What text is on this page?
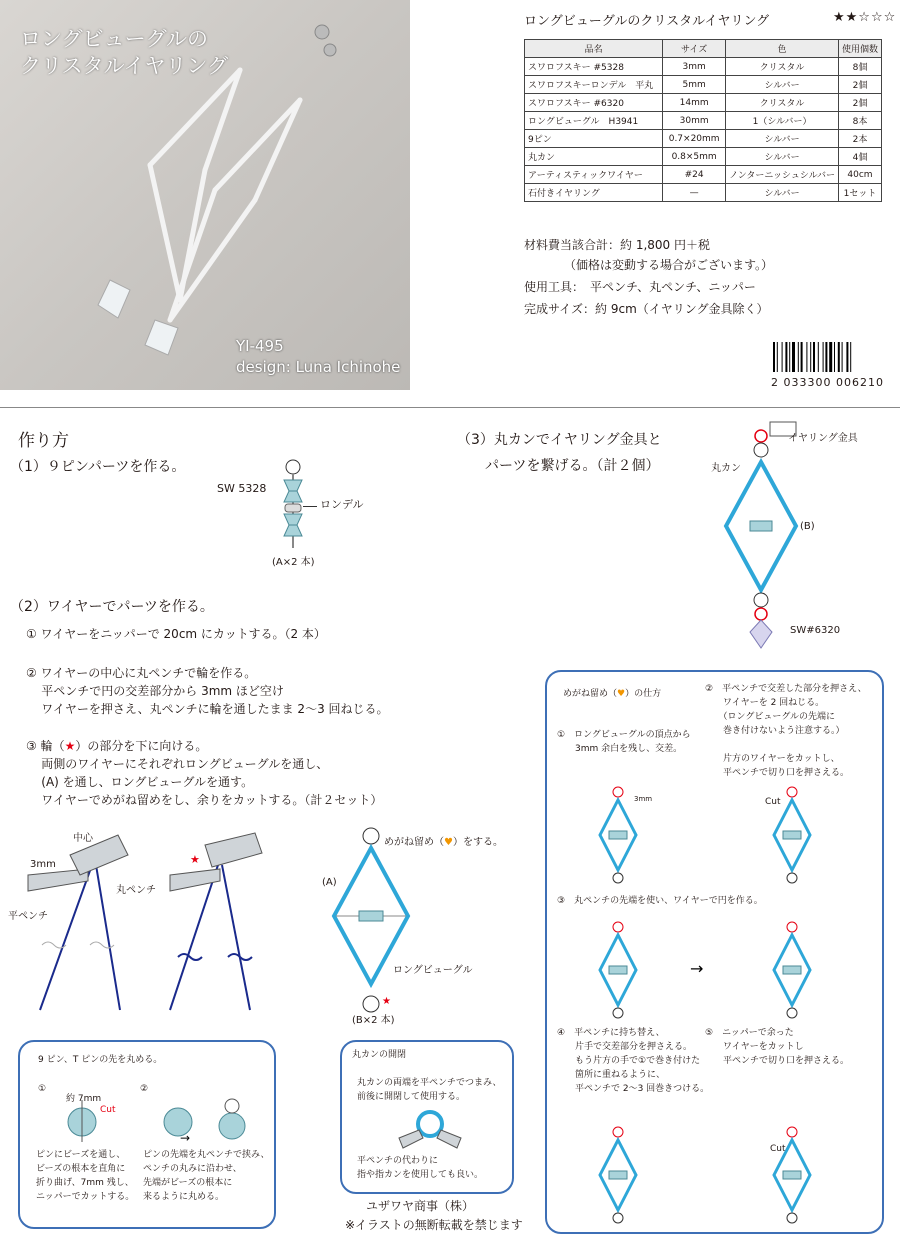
ロングビューグルの
クリスタルイヤリング
YI-495
design: Luna Ichinohe
ロングビューグルのクリスタルイヤリング	★★☆☆☆
品名	サイズ	色	使用個数
スワロフスキー #5328	3mm	クリスタル	8個
スワロフスキーロンデル　平丸	5mm	シルバー	2個
スワロフスキー #6320	14mm	クリスタル	2個
ロングビューグル　H3941	30mm	1（シルバー）	8本
9ピン	0.7×20mm	シルバー	2本
丸カン	0.8×5mm	シルバー	4個
アーティスティックワイヤー	#24	ノンターニッシュシルバー	40cm
石付きイヤリング	—	シルバー	1セット
材料費当該合計：約 1,800 円＋税
（価格は変動する場合がございます。）
使用工具：　平ペンチ、丸ペンチ、ニッパー
完成サイズ：約 9cm（イヤリング金具除く）
2 033300 006210
作り方
（1）９ピンパーツを作る。
SW 5328
ロンデル
(A×2 本)
（2）ワイヤーでパーツを作る。
① ワイヤーをニッパーで 20cm にカットする。（2 本）
② ワイヤーの中心に丸ペンチで輪を作る。
平ペンチで円の交差部分から 3mm ほど空け
ワイヤーを押さえ、丸ペンチに輪を通したまま 2〜3 回ねじる。
③ 輪（★）の部分を下に向ける。
両側のワイヤーにそれぞれロングビューグルを通し、
(A) を通し、ロングビューグルを通す。
ワイヤーでめがね留めをし、余りをカットする。（計２セット）
★
中心
3mm
丸ペンチ
平ペンチ
★
めがね留め（♥）をする。
(A)
ロングビューグル
(B×2 本)
（3）丸カンでイヤリング金具と
　　パーツを繋げる。（計２個）
イヤリング金具
丸カン
(B)
SW#6320
9 ピン、T ピンの先を丸める。
①	②
約 7mm
Cut
→
ピンにビーズを通し、
ビーズの根本を直角に
折り曲げ、7mm 残し、
ニッパーでカットする。
ピンの先端を丸ペンチで挟み、
ペンチの丸みに沿わせ、
先端がビーズの根本に
来るように丸める。
丸カンの開閉
丸カンの両端を平ペンチでつまみ、
前後に開閉して使用する。
平ペンチの代わりに
指や指カンを使用しても良い。
ユザワヤ商事（株）
※イラストの無断転載を禁じます
めがね留め（♥）の仕方
①　ロングビューグルの頂点から
　　3mm 余白を残し、交差。
②　平ペンチで交差した部分を押さえ、
　　ワイヤーを 2 回ねじる。
　　（ロングビューグルの先端に
　　巻き付けないよう注意する。）

　　片方のワイヤーをカットし、
　　平ペンチで切り口を押さえる。
③　丸ペンチの先端を使い、ワイヤーで円を作る。
④　平ペンチに持ち替え、
　　片手で交差部分を押さえる。
　　もう片方の手で①で巻き付けた
　　箇所に重ねるように、
　　平ペンチで 2〜3 回巻きつける。
⑤　ニッパーで余った
　　ワイヤーをカットし
　　平ペンチで切り口を押さえる。
3mm	Cut
Cut
→
